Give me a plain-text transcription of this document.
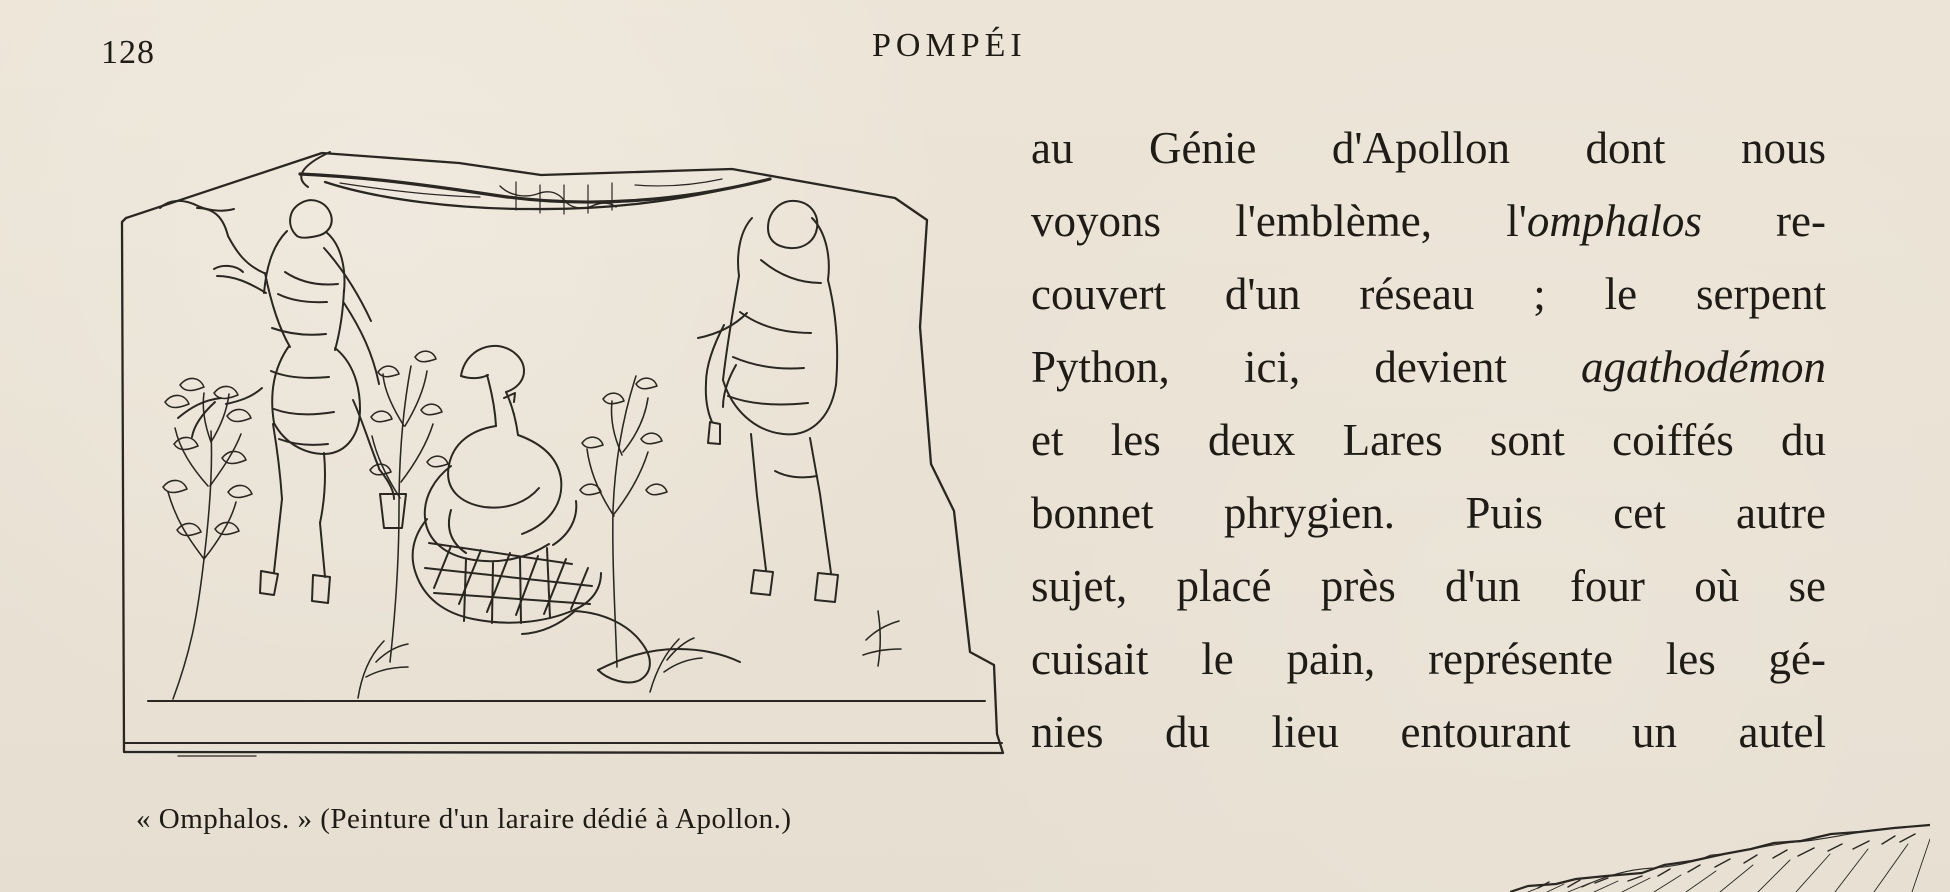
128	POMPÉI
au Génie d'Apollon dont nous
voyons l'emblème, l'omphalos re-
couvert d'un réseau ; le serpent
Python, ici, devient agathodémon
et les deux Lares sont coiffés du
bonnet phrygien. Puis cet autre
sujet, placé près d'un four où se
cuisait le pain, représente les gé-
nies du lieu entourant un autel
« Omphalos. » (Peinture d'un laraire dédié à Apollon.)
